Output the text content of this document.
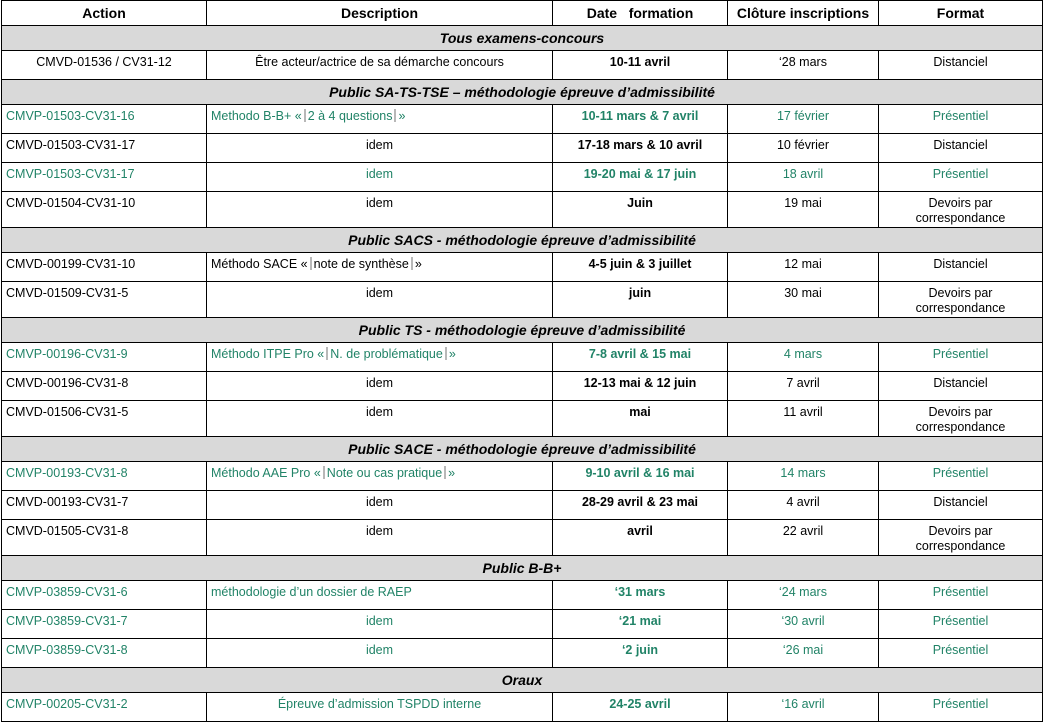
Action	Description	Date   formation	Clôture inscriptions	Format
Tous examens-concours				
CMVD-01536 / CV31-12	Être acteur/actrice de sa démarche concours	10-11 avril	‘28 mars	Distanciel
Public SA-TS-TSE – méthodologie épreuve d’admissibilité				
CMVP-01503-CV31-16	Methodo B-B+ « 2 à 4 questions »	10-11 mars & 7 avril	17 février	Présentiel
CMVD-01503-CV31-17	idem	17-18 mars & 10 avril	10 février	Distanciel
CMVP-01503-CV31-17	idem	19-20 mai & 17 juin	18 avril	Présentiel
CMVD-01504-CV31-10	idem	Juin	19 mai	Devoirs par correspondance
Public SACS - méthodologie épreuve d’admissibilité				
CMVD-00199-CV31-10	Méthodo SACE « note de synthèse »	4-5 juin & 3 juillet	12 mai	Distanciel
CMVD-01509-CV31-5	idem	juin	30 mai	Devoirs par correspondance
Public TS - méthodologie épreuve d’admissibilité				
CMVP-00196-CV31-9	Méthodo ITPE Pro « N. de problématique »	7-8 avril & 15 mai	4 mars	Présentiel
CMVD-00196-CV31-8	idem	12-13 mai & 12 juin	7 avril	Distanciel
CMVD-01506-CV31-5	idem	mai	11 avril	Devoirs par correspondance
Public SACE - méthodologie épreuve d’admissibilité				
CMVP-00193-CV31-8	Méthodo AAE Pro « Note ou cas pratique »	9-10 avril & 16 mai	14 mars	Présentiel
CMVD-00193-CV31-7	idem	28-29 avril & 23 mai	4 avril	Distanciel
CMVD-01505-CV31-8	idem	avril	22 avril	Devoirs par correspondance
Public B-B+				
CMVP-03859-CV31-6	méthodologie d’un dossier de RAEP	‘31 mars	‘24 mars	Présentiel
CMVP-03859-CV31-7	idem	‘21 mai	‘30 avril	Présentiel
CMVP-03859-CV31-8	idem	‘2 juin	‘26 mai	Présentiel
Oraux				
CMVP-00205-CV31-2	Épreuve d’admission TSPDD interne	24-25 avril	‘16 avril	Présentiel
